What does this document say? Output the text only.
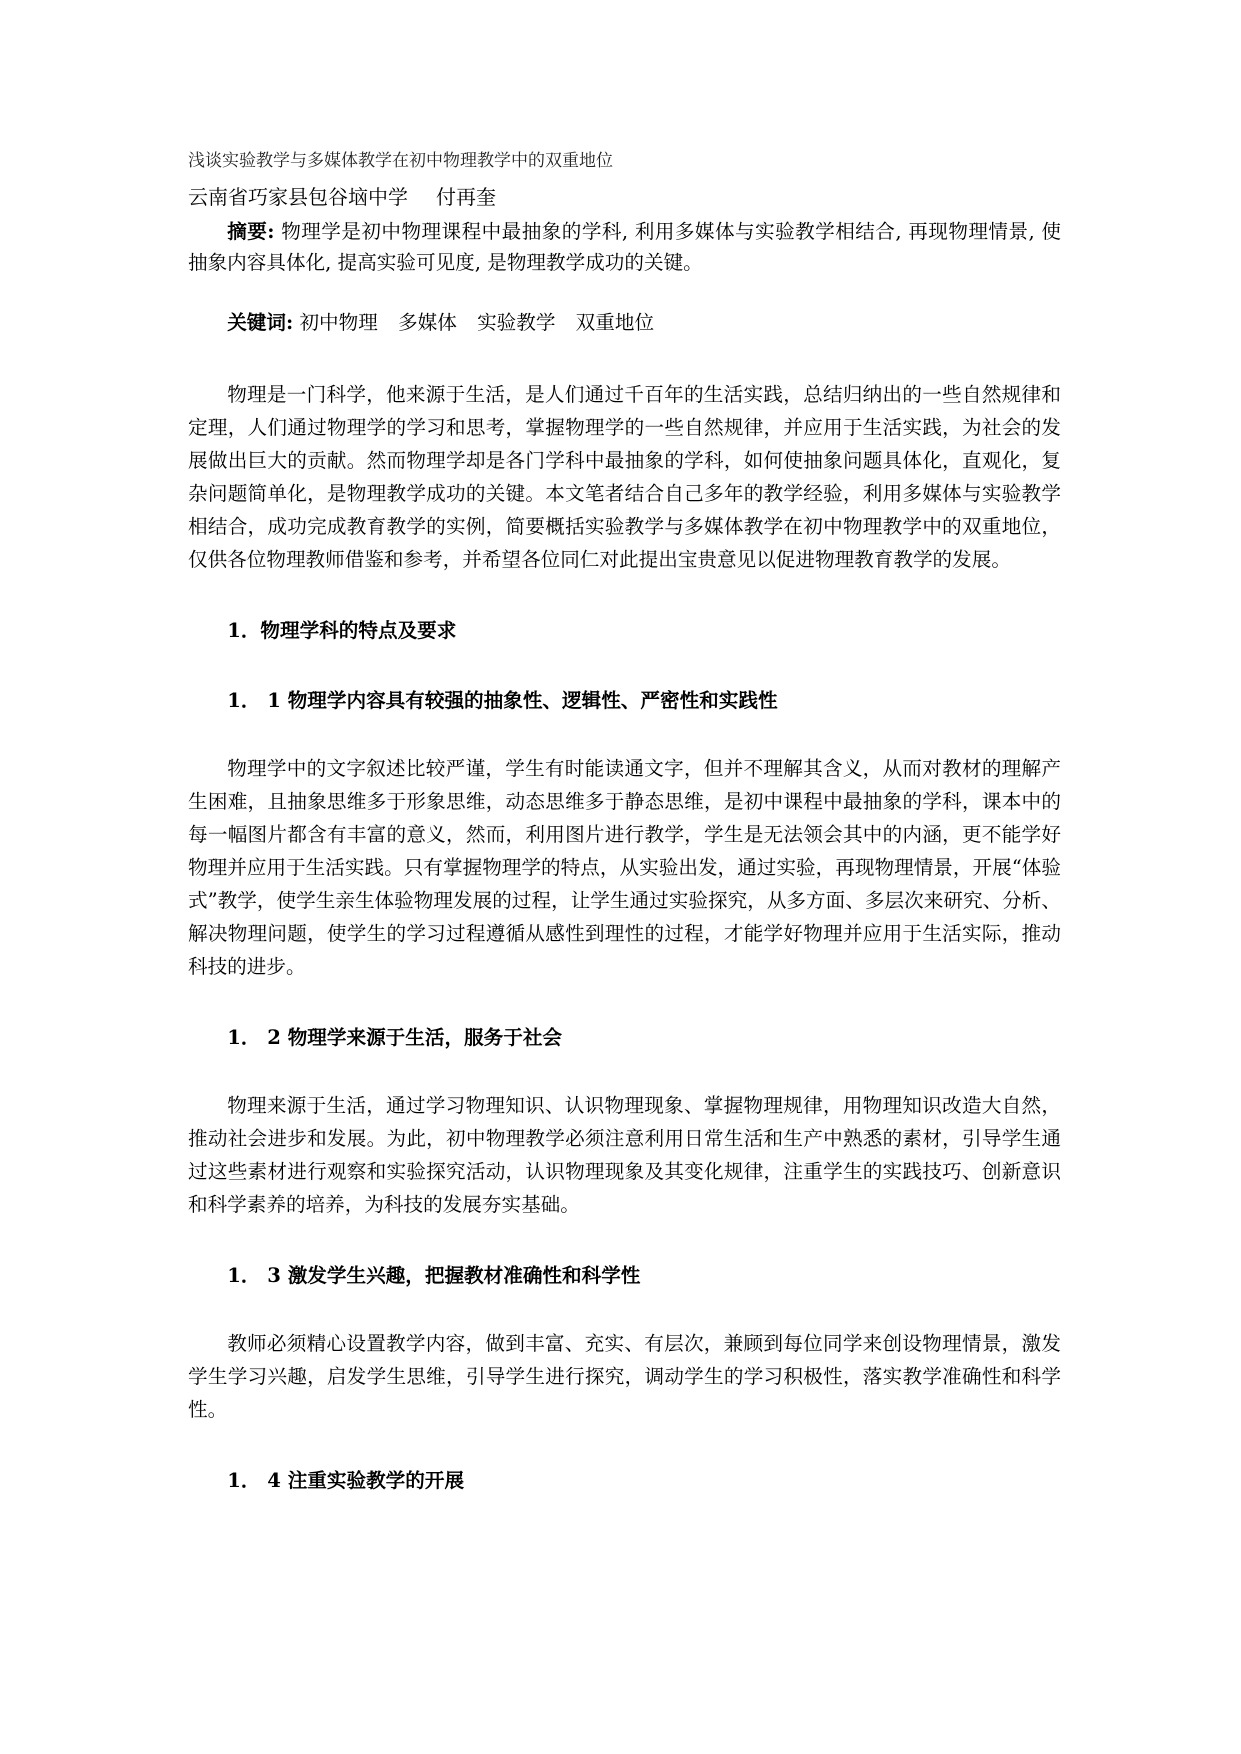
浅谈实验教学与多媒体教学在初中物理教学中的双重地位
云南省巧家县包谷垴中学 付再奎

摘要: 物理学是初中物理课程中最抽象的学科, 利用多媒体与实验教学相结合, 再现物理情景, 使抽象内容具体化, 提高实验可见度, 是物理教学成功的关键。

关键词: 初中物理 多媒体 实验教学 双重地位

物理是一门科学，他来源于生活，是人们通过千百年的生活实践，总结归纳出的一些自然规律和定理，人们通过物理学的学习和思考，掌握物理学的一些自然规律，并应用于生活实践，为社会的发展做出巨大的贡献。然而物理学却是各门学科中最抽象的学科，如何使抽象问题具体化，直观化，复杂问题简单化，是物理教学成功的关键。本文笔者结合自己多年的教学经验，利用多媒体与实验教学相结合，成功完成教育教学的实例，简要概括实验教学与多媒体教学在初中物理教学中的双重地位，仅供各位物理教师借鉴和参考，并希望各位同仁对此提出宝贵意见以促进物理教育教学的发展。

1．物理学科的特点及要求
1． 1 物理学内容具有较强的抽象性、逻辑性、严密性和实践性

物理学中的文字叙述比较严谨，学生有时能读通文字，但并不理解其含义，从而对教材的理解产生困难，且抽象思维多于形象思维，动态思维多于静态思维，是初中课程中最抽象的学科，课本中的每一幅图片都含有丰富的意义，然而，利用图片进行教学，学生是无法领会其中的内涵，更不能学好物理并应用于生活实践。只有掌握物理学的特点，从实验出发，通过实验，再现物理情景，开展“体验式”教学，使学生亲生体验物理发展的过程，让学生通过实验探究，从多方面、多层次来研究、分析、解决物理问题，使学生的学习过程遵循从感性到理性的过程，才能学好物理并应用于生活实际，推动科技的进步。

1． 2 物理学来源于生活，服务于社会

物理来源于生活，通过学习物理知识、认识物理现象、掌握物理规律，用物理知识改造大自然，推动社会进步和发展。为此，初中物理教学必须注意利用日常生活和生产中熟悉的素材，引导学生通过这些素材进行观察和实验探究活动，认识物理现象及其变化规律，注重学生的实践技巧、创新意识和科学素养的培养，为科技的发展夯实基础。

1． 3 激发学生兴趣，把握教材准确性和科学性

教师必须精心设置教学内容，做到丰富、充实、有层次，兼顾到每位同学来创设物理情景，激发学生学习兴趣，启发学生思维，引导学生进行探究，调动学生的学习积极性，落实教学准确性和科学性。

1． 4 注重实验教学的开展
